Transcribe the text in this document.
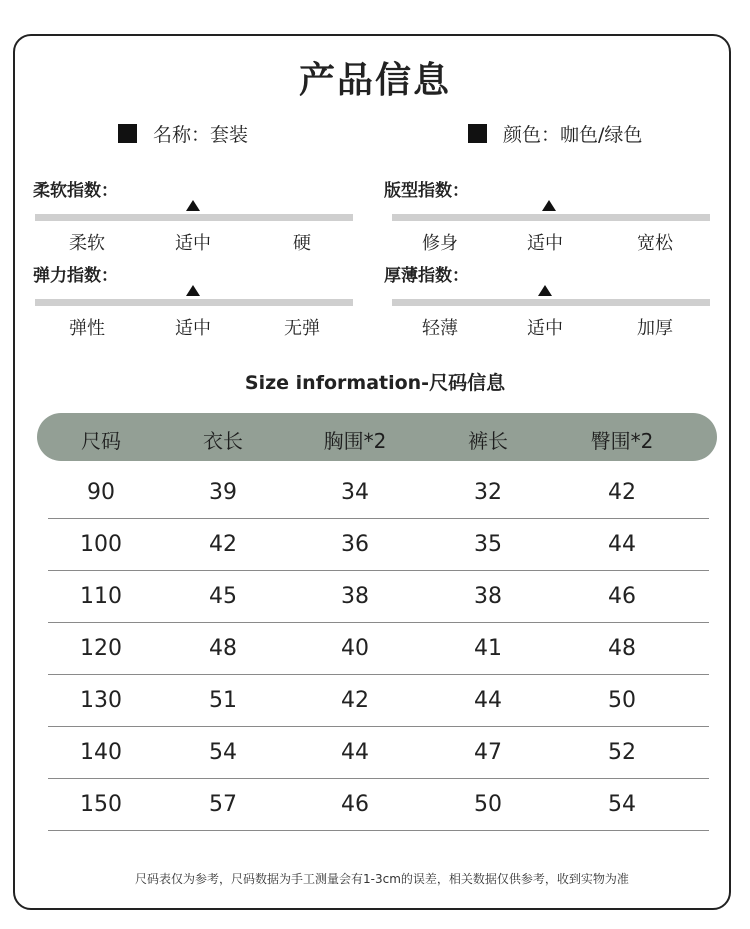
产品信息
名称：套装	颜色：咖色/绿色
柔软指数：
柔软	适中	硬
版型指数：
修身	适中	宽松
弹力指数：
弹性	适中	无弹
厚薄指数：
轻薄	适中	加厚
Size information-尺码信息
尺码	衣长	胸围*2	裤长	臀围*2
90	39	34	32	42
100	42	36	35	44
110	45	38	38	46
120	48	40	41	48
130	51	42	44	50
140	54	44	47	52
150	57	46	50	54
尺码表仅为参考，尺码数据为手工测量会有1-3cm的误差，相关数据仅供参考，收到实物为准
